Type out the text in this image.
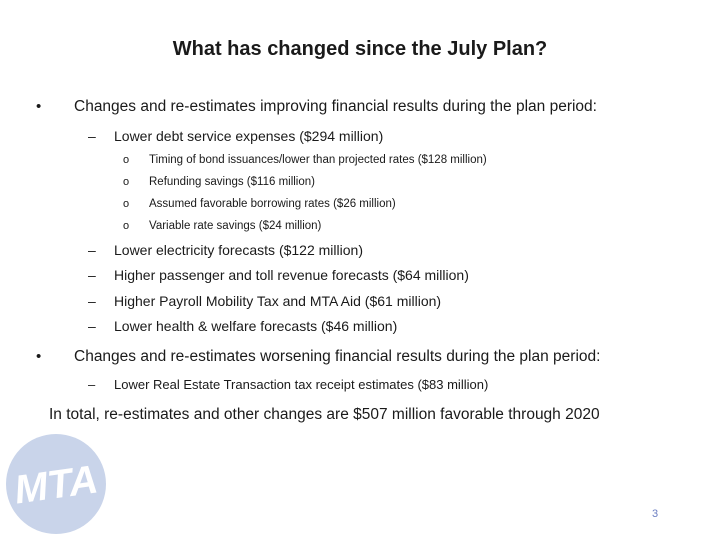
What has changed since the July Plan?
• Changes and re-estimates improving financial results during the plan period:
– Lower debt service expenses ($294 million)
o Timing of bond issuances/lower than projected rates ($128 million)
o Refunding savings ($116 million)
o Assumed favorable borrowing rates ($26 million)
o Variable rate savings ($24 million)
– Lower electricity forecasts ($122 million)
– Higher passenger and toll revenue forecasts ($64 million)
– Higher Payroll Mobility Tax and MTA Aid ($61 million)
– Lower health & welfare forecasts ($46 million)
• Changes and re-estimates worsening financial results during the plan period:
– Lower Real Estate Transaction tax receipt estimates ($83 million)
In total, re-estimates and other changes are $507 million favorable through 2020
MTA
3
